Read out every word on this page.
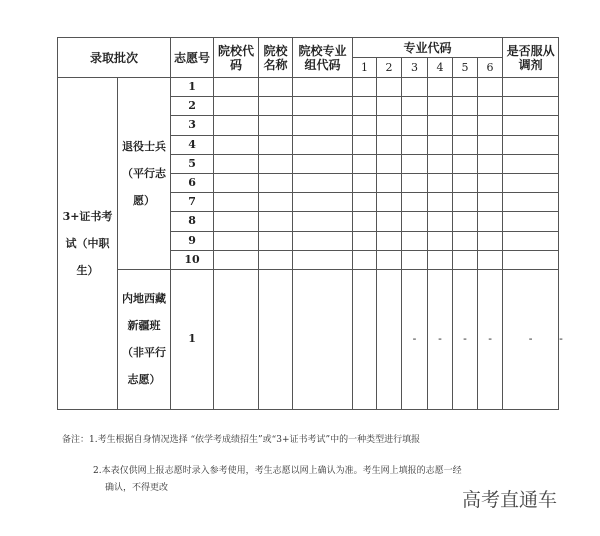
录取批次		志愿号	院校代码	院校名称	院校专业组代码	专业代码						是否服从调剂	
						1	2	3	4	5	6		
3+证书考试（中职生）	退役士兵（平行志愿）	1											
		2											
		3											
		4											
		5											
		6											
		7											
		8											
		9											
		10											
	内地西藏新疆班（非平行志愿）	1						-	-	-	-	-	-
备注：1.考生根据自身情况选择 “依学考成绩招生”或“3+证书考试”中的一种类型进行填报
2.本表仅供网上报志愿时录入参考使用，考生志愿以网上确认为准。考生网上填报的志愿一经
确认，不得更改
高考直通车
